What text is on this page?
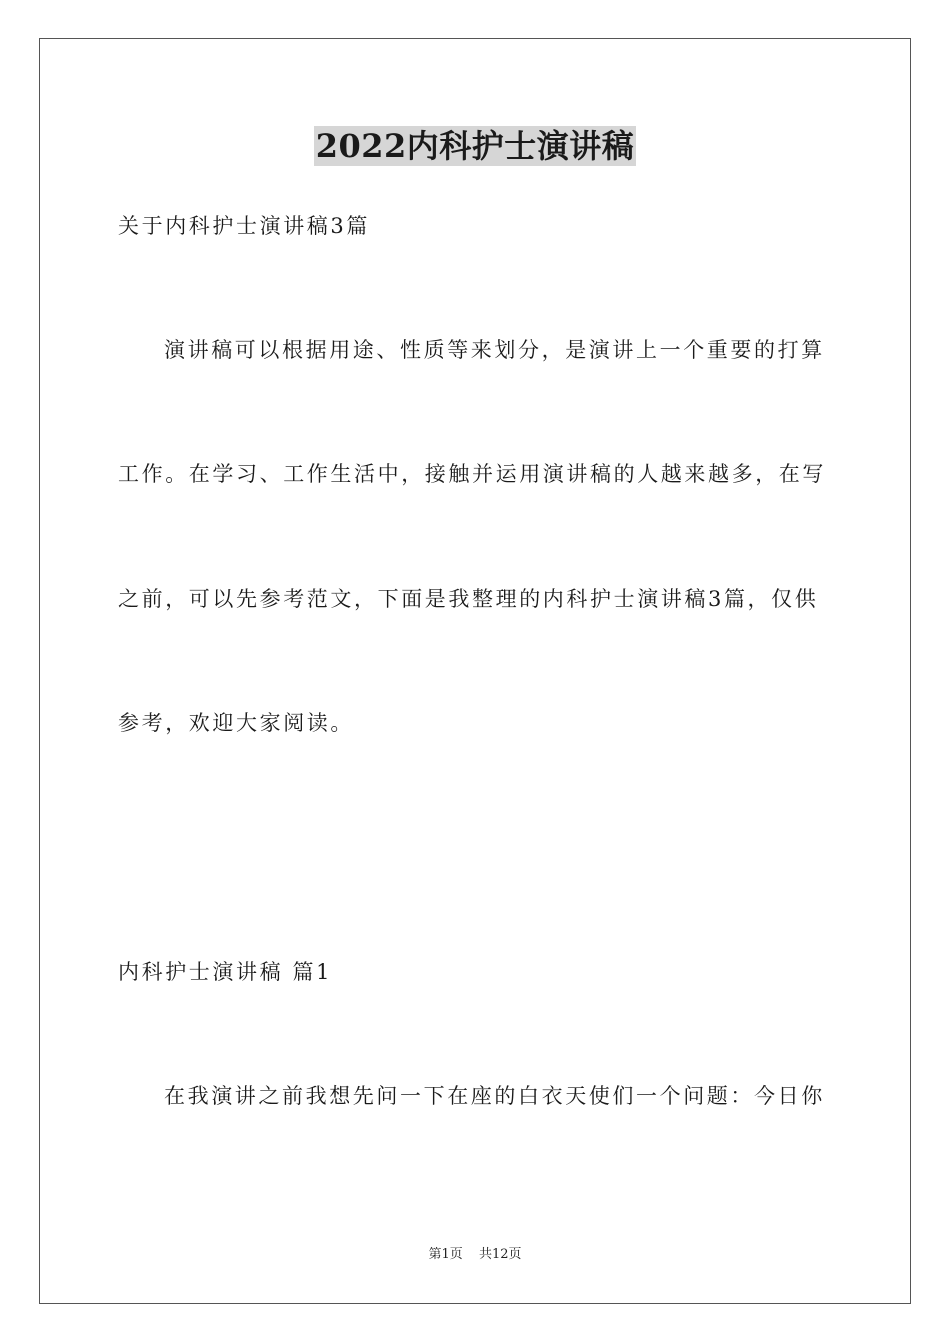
2022内科护士演讲稿
关于内科护士演讲稿3篇
演讲稿可以根据用途、性质等来划分，是演讲上一个重要的打算
工作。在学习、工作生活中，接触并运用演讲稿的人越来越多，在写
之前，可以先参考范文，下面是我整理的内科护士演讲稿3篇，仅供
参考，欢迎大家阅读。
内科护士演讲稿 篇1
在我演讲之前我想先问一下在座的白衣天使们一个问题：今日你
第1页 共12页
